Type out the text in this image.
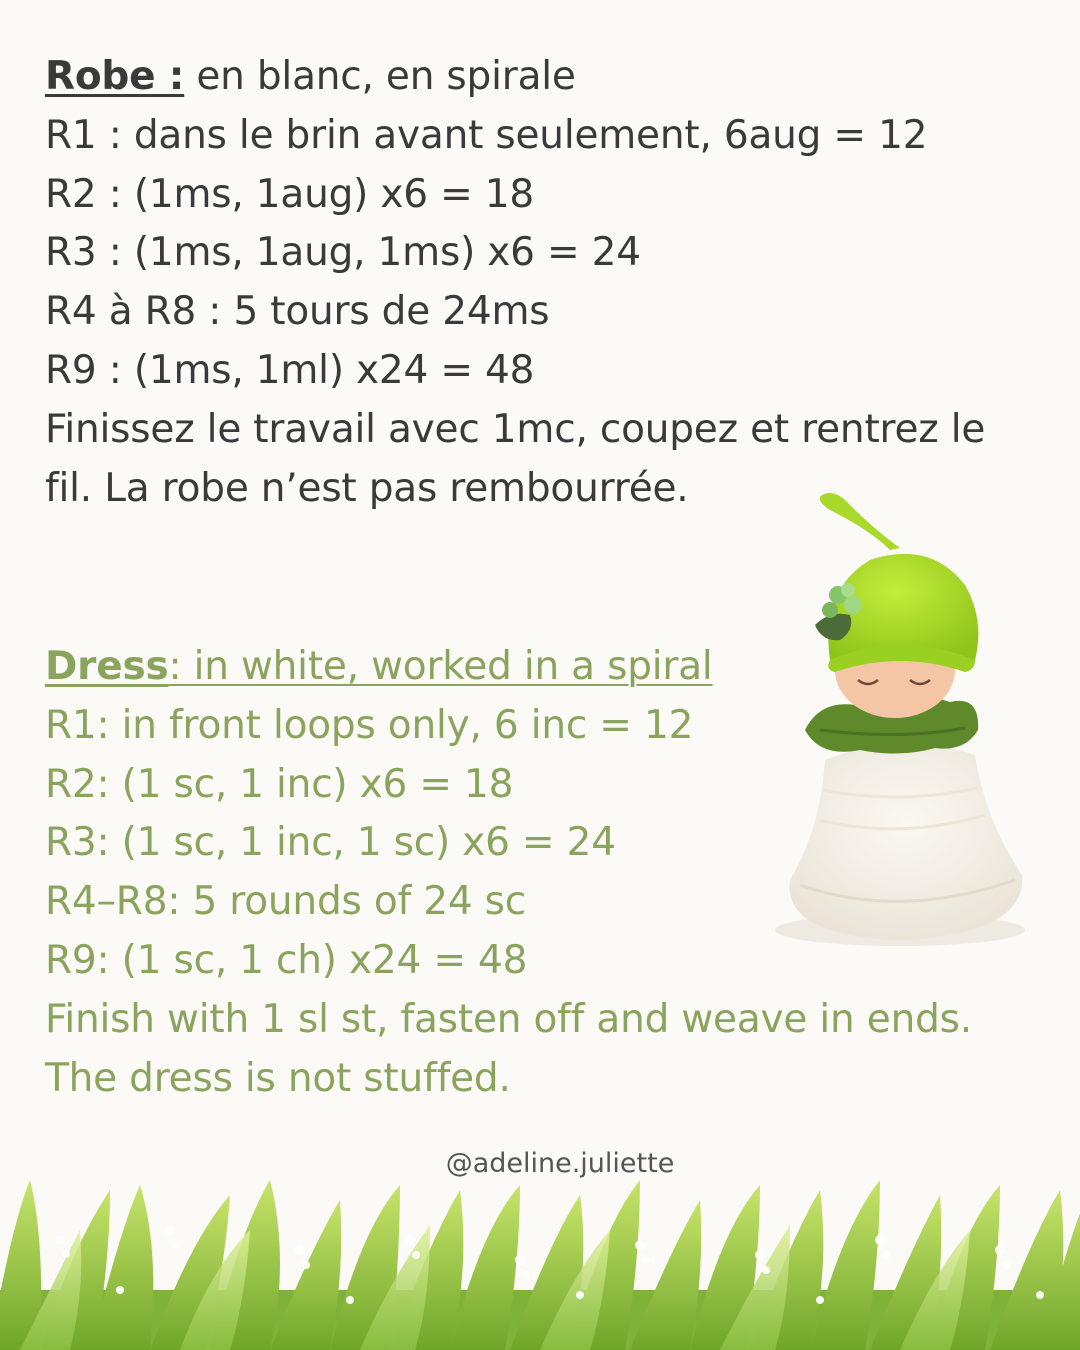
Robe : en blanc, en spirale
R1 : dans le brin avant seulement, 6aug = 12
R2 : (1ms, 1aug) x6 = 18
R3 : (1ms, 1aug, 1ms) x6 = 24
R4 à R8 : 5 tours de 24ms
R9 : (1ms, 1ml) x24 = 48
Finissez le travail avec 1mc, coupez et rentrez le
fil. La robe n’est pas rembourrée.
Dress: in white, worked in a spiral
R1: in front loops only, 6 inc = 12
R2: (1 sc, 1 inc) x6 = 18
R3: (1 sc, 1 inc, 1 sc) x6 = 24
R4–R8: 5 rounds of 24 sc
R9: (1 sc, 1 ch) x24 = 48
Finish with 1 sl st, fasten off and weave in ends.
The dress is not stuffed.
@adeline.juliette
